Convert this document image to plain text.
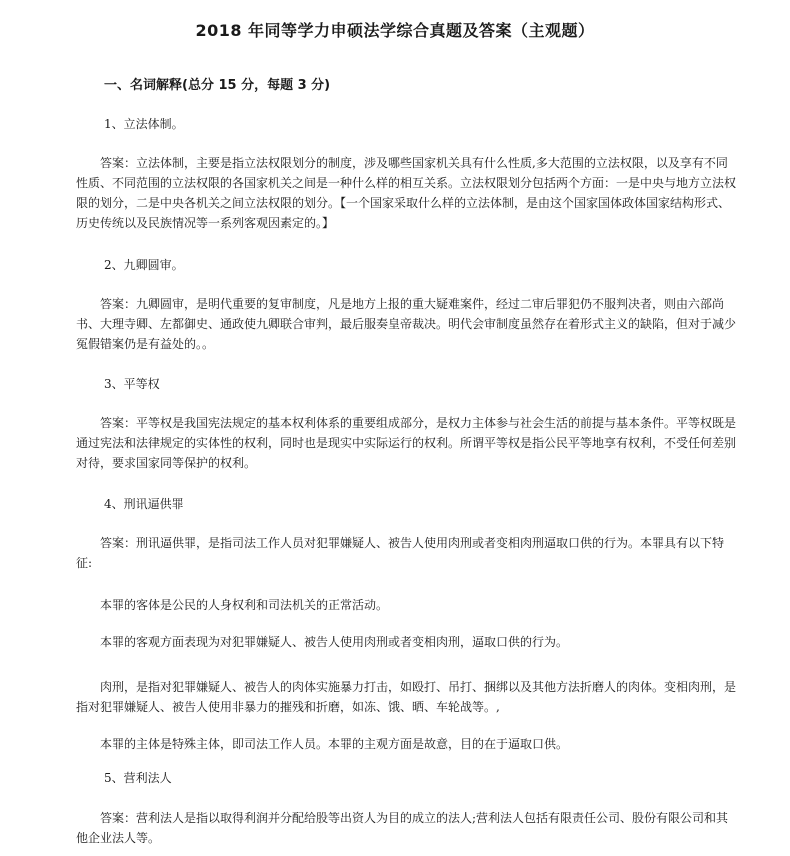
2018 年同等学力申硕法学综合真题及答案（主观题）
一、名词解释(总分 15 分，每题 3 分)
1、立法体制。
答案：立法体制，主要是指立法权限划分的制度，涉及哪些国家机关具有什么性质,多大范围的立法权限，以及享有不同性质、不同范围的立法权限的各国家机关之间是一种什么样的相互关系。立法权限划分包括两个方面：一是中央与地方立法权限的划分，二是中央各机关之间立法权限的划分。【一个国家采取什么样的立法体制，是由这个国家国体政体国家结构形式、历史传统以及民族情况等一系列客观因素定的。】
2、九卿圆审。
答案：九卿圆审，是明代重要的复审制度，凡是地方上报的重大疑难案件，经过二审后罪犯仍不服判决者，则由六部尚书、大理寺卿、左都御史、通政使九卿联合审判，最后服奏皇帝裁决。明代会审制度虽然存在着形式主义的缺陷，但对于减少冤假错案仍是有益处的。。
3、平等权
答案：平等权是我国宪法规定的基本权利体系的重要组成部分，是权力主体参与社会生活的前提与基本条件。平等权既是通过宪法和法律规定的实体性的权利，同时也是现实中实际运行的权利。所谓平等权是指公民平等地享有权利，不受任何差别对待，要求国家同等保护的权利。
4、刑讯逼供罪
答案：刑讯逼供罪，是指司法工作人员对犯罪嫌疑人、被告人使用肉刑或者变相肉刑逼取口供的行为。本罪具有以下特征:
本罪的客体是公民的人身权利和司法机关的正常活动。
本罪的客观方面表现为对犯罪嫌疑人、被告人使用肉刑或者变相肉刑，逼取口供的行为。
肉刑，是指对犯罪嫌疑人、被告人的肉体实施暴力打击，如殴打、吊打、捆绑以及其他方法折磨人的肉体。变相肉刑，是指对犯罪嫌疑人、被告人使用非暴力的摧残和折磨，如冻、饿、晒、车轮战等。,
本罪的主体是特殊主体，即司法工作人员。本罪的主观方面是故意，目的在于逼取口供。
5、营利法人
答案：营利法人是指以取得利润并分配给股等出资人为目的成立的法人;营利法人包括有限责任公司、股份有限公司和其他企业法人等。
